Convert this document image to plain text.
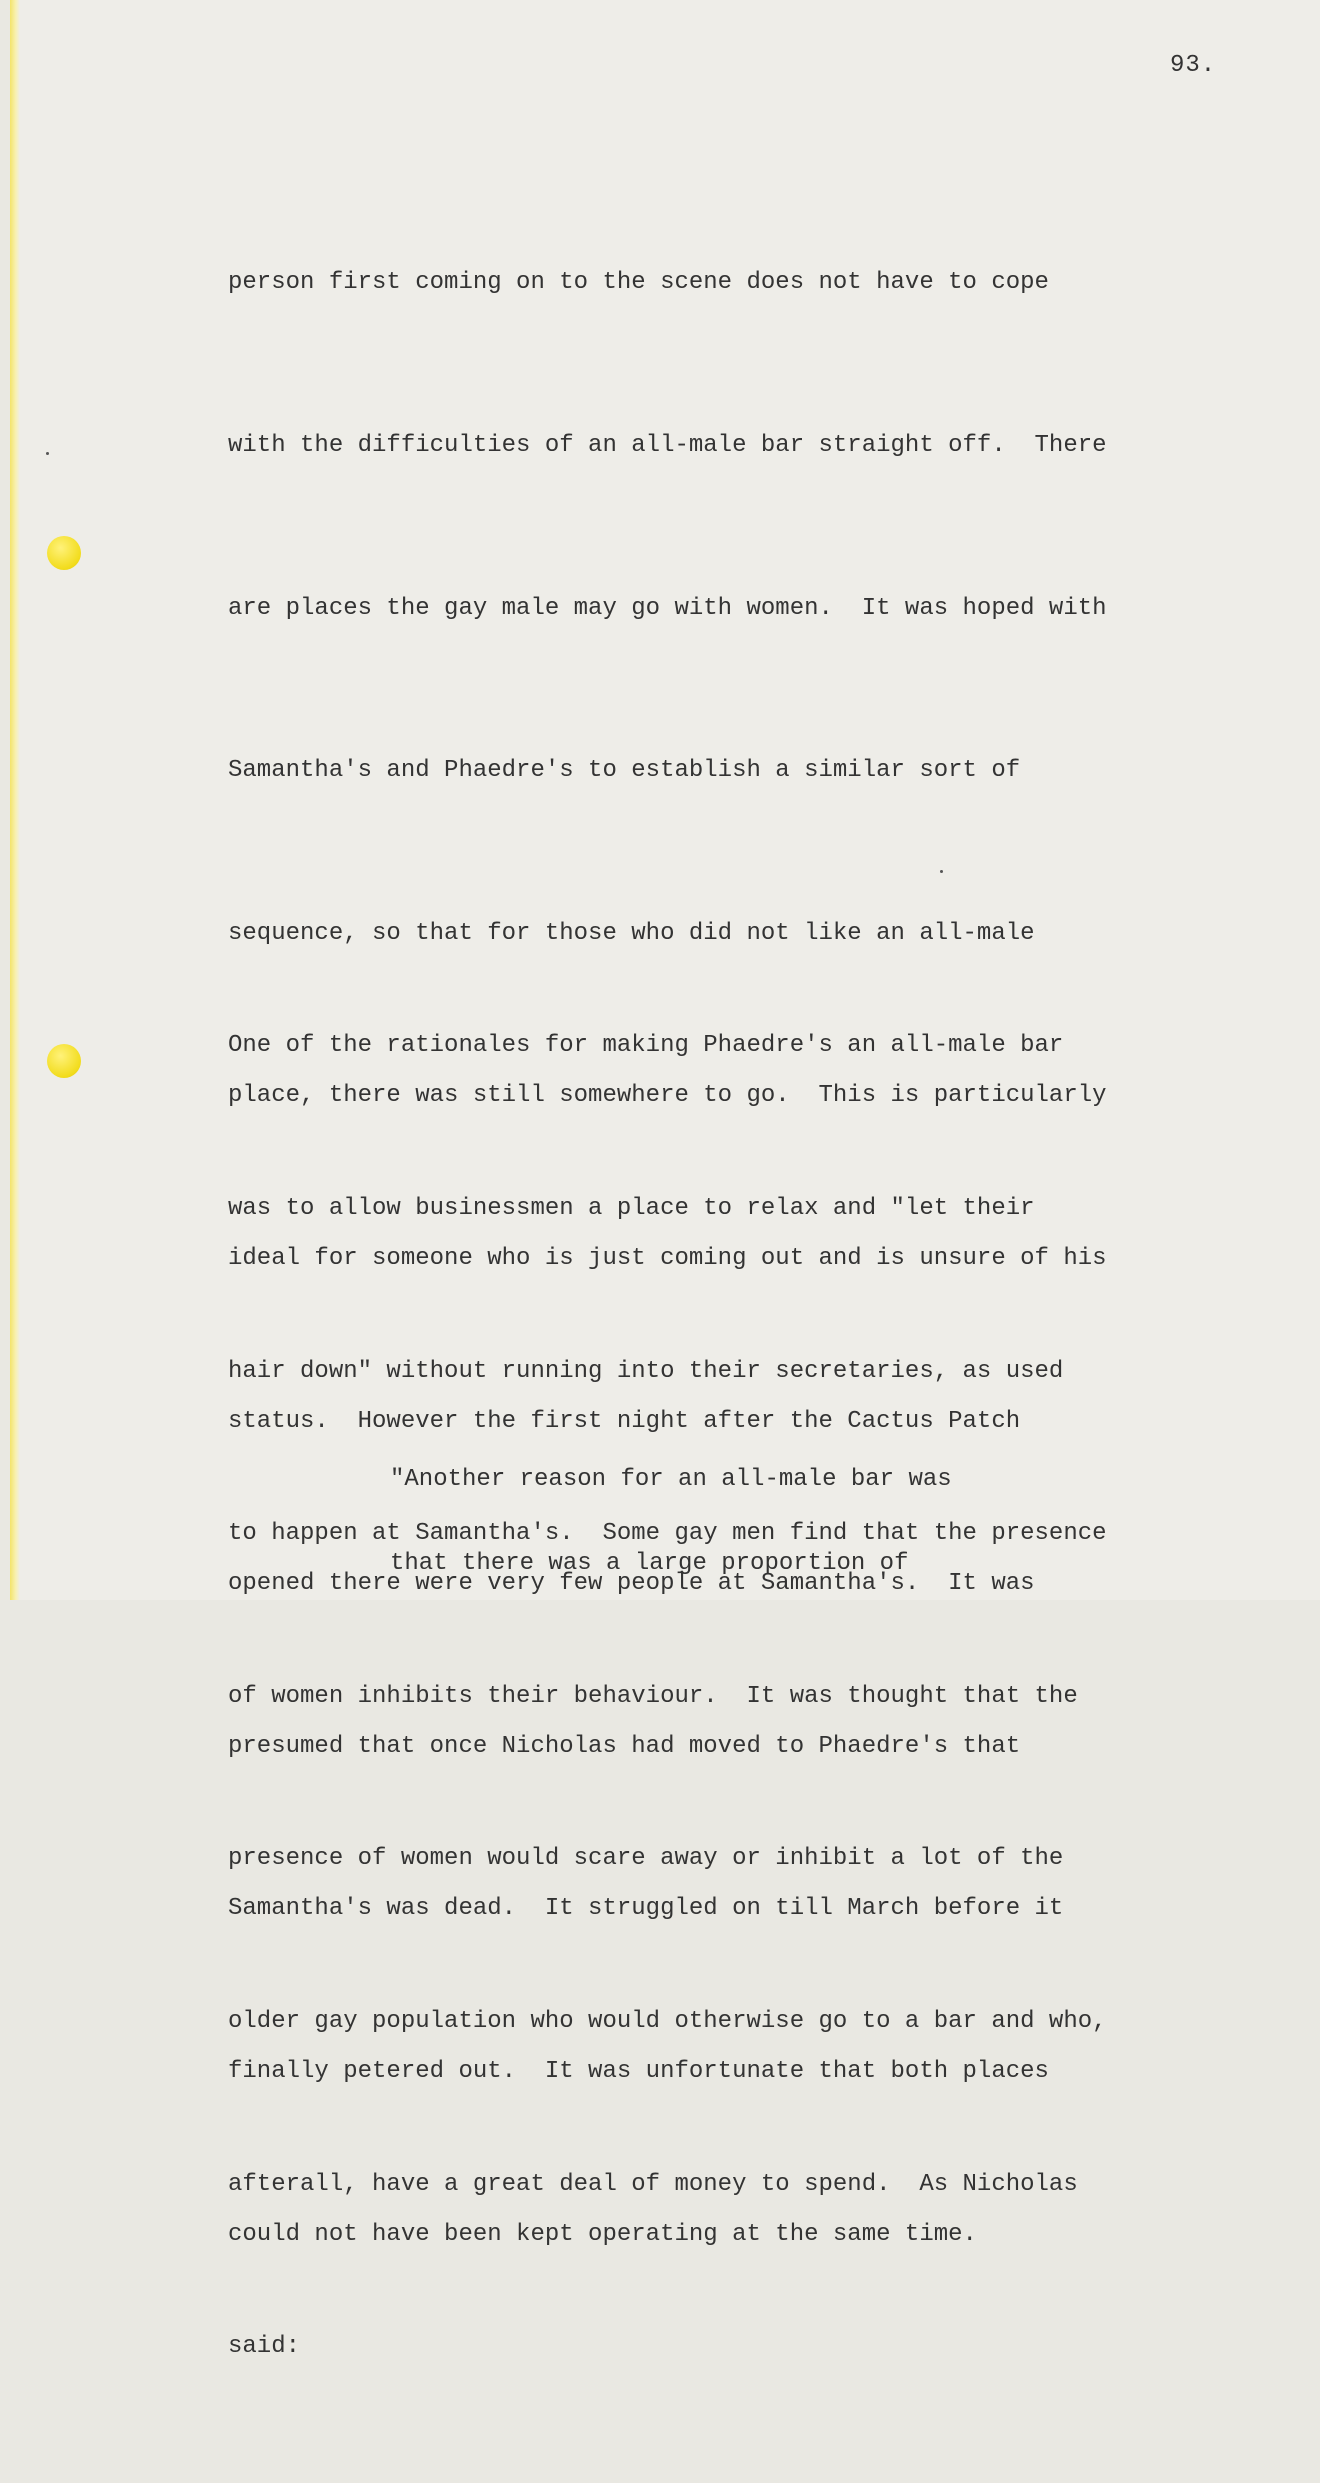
93.

person first coming on to the scene does not have to cope

with the difficulties of an all-male bar straight off.  There

are places the gay male may go with women.  It was hoped with

Samantha's and Phaedre's to establish a similar sort of

sequence, so that for those who did not like an all-male

place, there was still somewhere to go.  This is particularly

ideal for someone who is just coming out and is unsure of his

status.  However the first night after the Cactus Patch

opened there were very few people at Samantha's.  It was

presumed that once Nicholas had moved to Phaedre's that

Samantha's was dead.  It struggled on till March before it

finally petered out.  It was unfortunate that both places

could not have been kept operating at the same time.

One of the rationales for making Phaedre's an all-male bar

was to allow businessmen a place to relax and "let their

hair down" without running into their secretaries, as used

to happen at Samantha's.  Some gay men find that the presence

of women inhibits their behaviour.  It was thought that the

presence of women would scare away or inhibit a lot of the

older gay population who would otherwise go to a bar and who,

afterall, have a great deal of money to spend.  As Nicholas

said:

"Another reason for an all-male bar was

that there was a large proportion of
